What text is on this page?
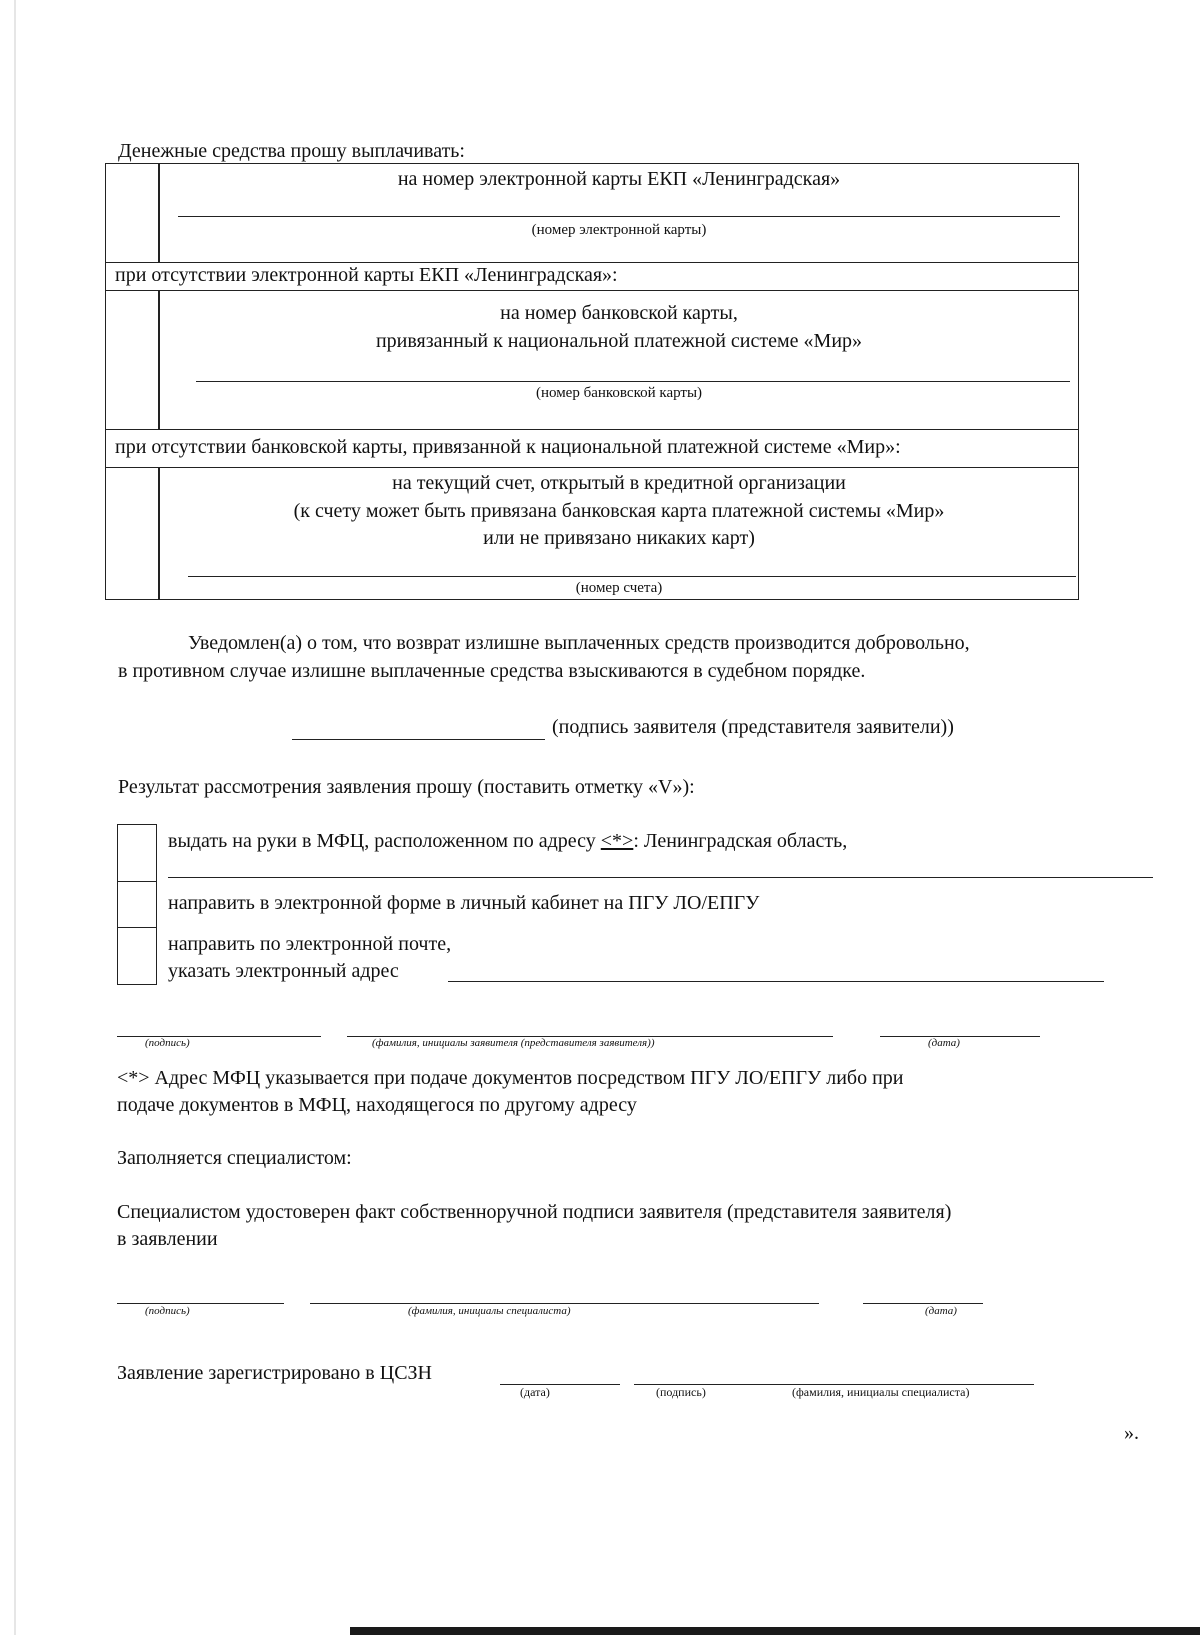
Денежные средства прошу выплачивать:
на номер электронной карты ЕКП «Ленинградская»
(номер электронной карты)
при отсутствии электронной карты ЕКП «Ленинградская»:
на номер банковской карты,
привязанный к национальной платежной системе «Мир»
(номер банковской карты)
при отсутствии банковской карты, привязанной к национальной платежной системе «Мир»:
на текущий счет, открытый в кредитной организации
(к счету может быть привязана банковская карта платежной системы «Мир»
или не привязано никаких карт)
(номер счета)
Уведомлен(а) о том, что возврат излишне выплаченных средств производится добровольно,
в противном случае излишне выплаченные средства взыскиваются в судебном порядке.
(подпись заявителя (представителя заявители))
Результат рассмотрения заявления прошу (поставить отметку «V»):
выдать на руки в МФЦ, расположенном по адресу <*>: Ленинградская область,
направить в электронной форме в личный кабинет на ПГУ ЛО/ЕПГУ
направить по электронной почте,
указать электронный адрес
(подпись)	(фамилия, инициалы заявителя (представителя заявителя))	(дата)
<*> Адрес МФЦ указывается при подаче документов посредством ПГУ ЛО/ЕПГУ либо при
подаче документов в МФЦ, находящегося по другому адресу
Заполняется специалистом:
Специалистом удостоверен факт собственноручной подписи заявителя (представителя заявителя)
в заявлении
(подпись)	(фамилия, инициалы специалиста)	(дата)
Заявление зарегистрировано в ЦСЗН
(дата)	(подпись)	(фамилия, инициалы специалиста)
».
